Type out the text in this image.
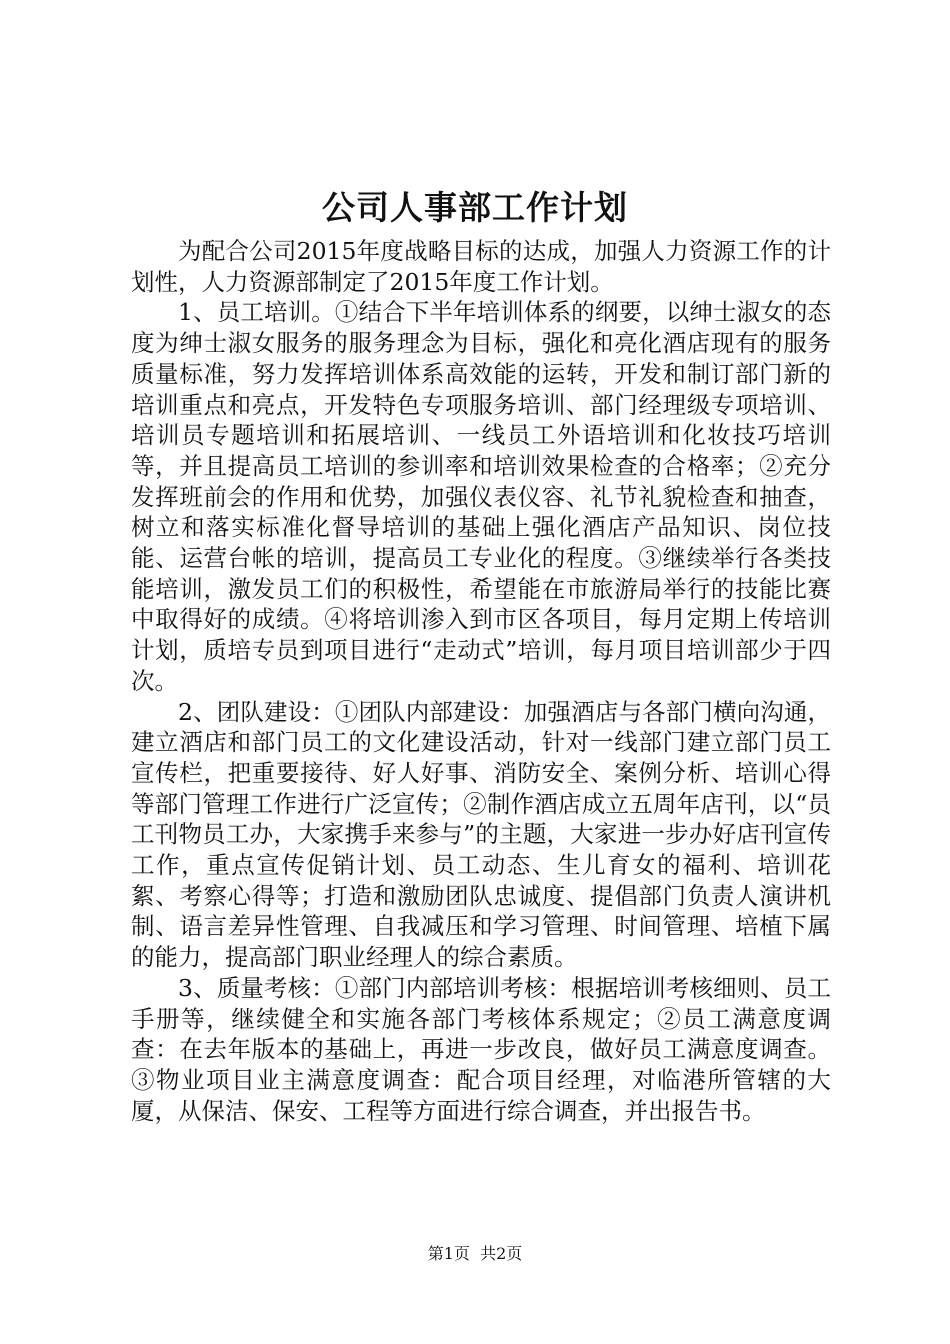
公司人事部工作计划

为配合公司2015年度战略目标的达成，加强人力资源工作的计划性，人力资源部制定了2015年度工作计划。

1、员工培训。①结合下半年培训体系的纲要，以绅士淑女的态度为绅士淑女服务的服务理念为目标，强化和亮化酒店现有的服务质量标准，努力发挥培训体系高效能的运转，开发和制订部门新的培训重点和亮点，开发特色专项服务培训、部门经理级专项培训、培训员专题培训和拓展培训、一线员工外语培训和化妆技巧培训等，并且提高员工培训的参训率和培训效果检查的合格率；②充分发挥班前会的作用和优势，加强仪表仪容、礼节礼貌检查和抽查，树立和落实标准化督导培训的基础上强化酒店产品知识、岗位技能、运营台帐的培训，提高员工专业化的程度。③继续举行各类技能培训，激发员工们的积极性，希望能在市旅游局举行的技能比赛中取得好的成绩。④将培训渗入到市区各项目，每月定期上传培训计划，质培专员到项目进行“走动式”培训，每月项目培训部少于四次。

2、团队建设：①团队内部建设：加强酒店与各部门横向沟通，建立酒店和部门员工的文化建设活动，针对一线部门建立部门员工宣传栏，把重要接待、好人好事、消防安全、案例分析、培训心得等部门管理工作进行广泛宣传；②制作酒店成立五周年店刊，以“员工刊物员工办，大家携手来参与”的主题，大家进一步办好店刊宣传工作，重点宣传促销计划、员工动态、生儿育女的福利、培训花絮、考察心得等；打造和激励团队忠诚度、提倡部门负责人演讲机制、语言差异性管理、自我减压和学习管理、时间管理、培植下属的能力，提高部门职业经理人的综合素质。

3、质量考核：①部门内部培训考核：根据培训考核细则、员工手册等，继续健全和实施各部门考核体系规定；②员工满意度调查：在去年版本的基础上，再进一步改良，做好员工满意度调查。③物业项目业主满意度调查：配合项目经理，对临港所管辖的大厦，从保洁、保安、工程等方面进行综合调查，并出报告书。

第1页 共2页
